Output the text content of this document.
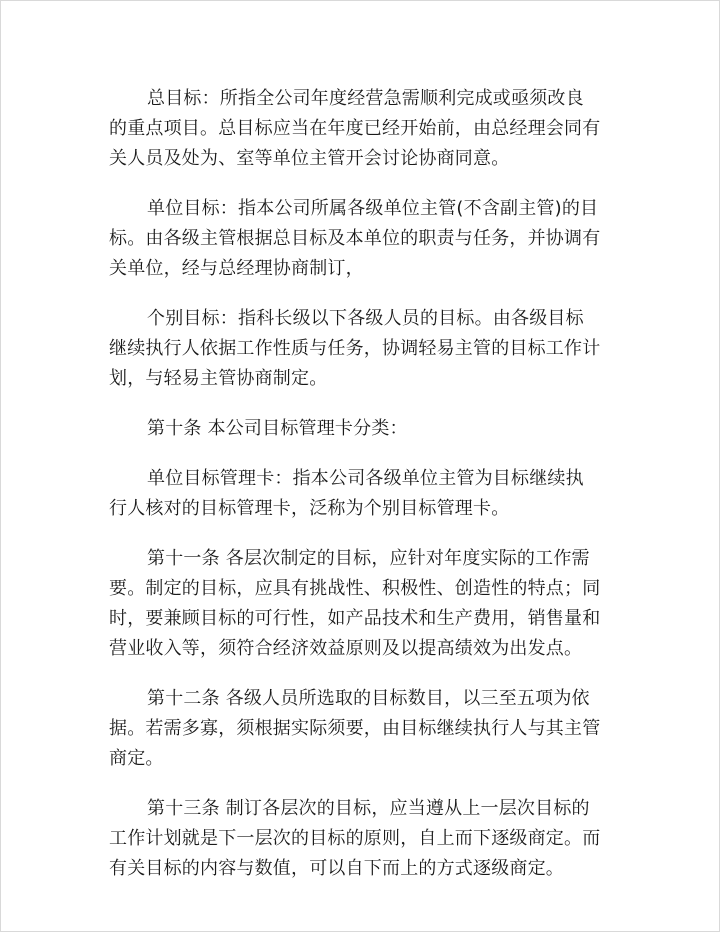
总目标：所指全公司年度经营急需顺利完成或亟须改良
的重点项目。总目标应当在年度已经开始前，由总经理会同有
关人员及处为、室等单位主管开会讨论协商同意。

单位目标：指本公司所属各级单位主管(不含副主管)的目
标。由各级主管根据总目标及本单位的职责与任务，并协调有
关单位，经与总经理协商制订，

个别目标：指科长级以下各级人员的目标。由各级目标
继续执行人依据工作性质与任务，协调轻易主管的目标工作计
划，与轻易主管协商制定。

第十条 本公司目标管理卡分类：

单位目标管理卡：指本公司各级单位主管为目标继续执
行人核对的目标管理卡，泛称为个别目标管理卡。

第十一条 各层次制定的目标，应针对年度实际的工作需
要。制定的目标，应具有挑战性、积极性、创造性的特点；同
时，要兼顾目标的可行性，如产品技术和生产费用，销售量和
营业收入等，须符合经济效益原则及以提高绩效为出发点。

第十二条 各级人员所选取的目标数目，以三至五项为依
据。若需多寡，须根据实际须要，由目标继续执行人与其主管
商定。

第十三条 制订各层次的目标，应当遵从上一层次目标的
工作计划就是下一层次的目标的原则，自上而下逐级商定。而
有关目标的内容与数值，可以自下而上的方式逐级商定。
